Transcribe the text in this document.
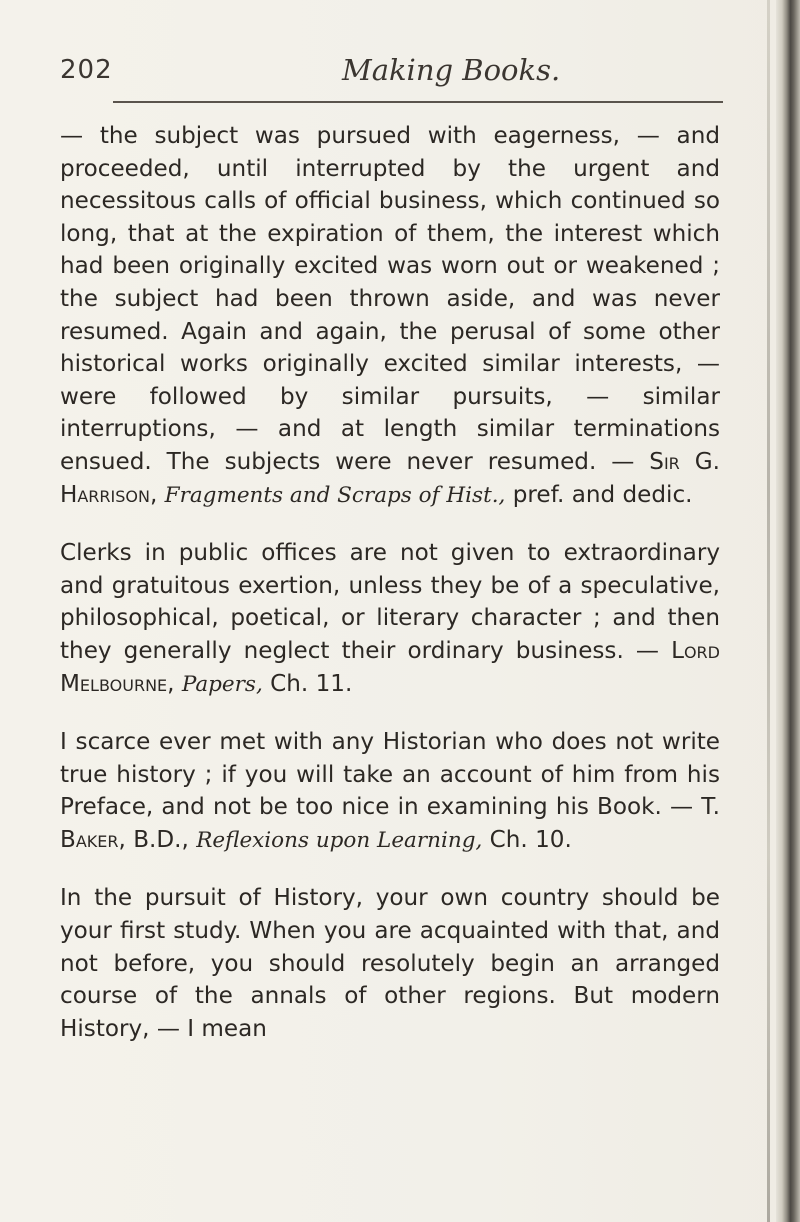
202	Making Books.

— the subject was pursued with eagerness, — and proceeded, until interrupted by the urgent and necessitous calls of official business, which continued so long, that at the expiration of them, the interest which had been originally excited was worn out or weakened ; the subject had been thrown aside, and was never resumed. Again and again, the perusal of some other historical works originally excited similar interests, — were followed by similar pursuits, — similar interruptions, — and at length similar terminations ensued. The subjects were never resumed. — Sir G. Harrison, Fragments and Scraps of Hist., pref. and dedic.

Clerks in public offices are not given to extraordinary and gratuitous exertion, unless they be of a speculative, philosophical, poetical, or literary character ; and then they generally neglect their ordinary business. — Lord Melbourne, Papers, Ch. 11.

I scarce ever met with any Historian who does not write true history ; if you will take an account of him from his Preface, and not be too nice in examining his Book. — T. Baker, B.D., Reflexions upon Learning, Ch. 10.

In the pursuit of History, your own country should be your first study. When you are acquainted with that, and not before, you should resolutely begin an arranged course of the annals of other regions. But modern History, — I mean
